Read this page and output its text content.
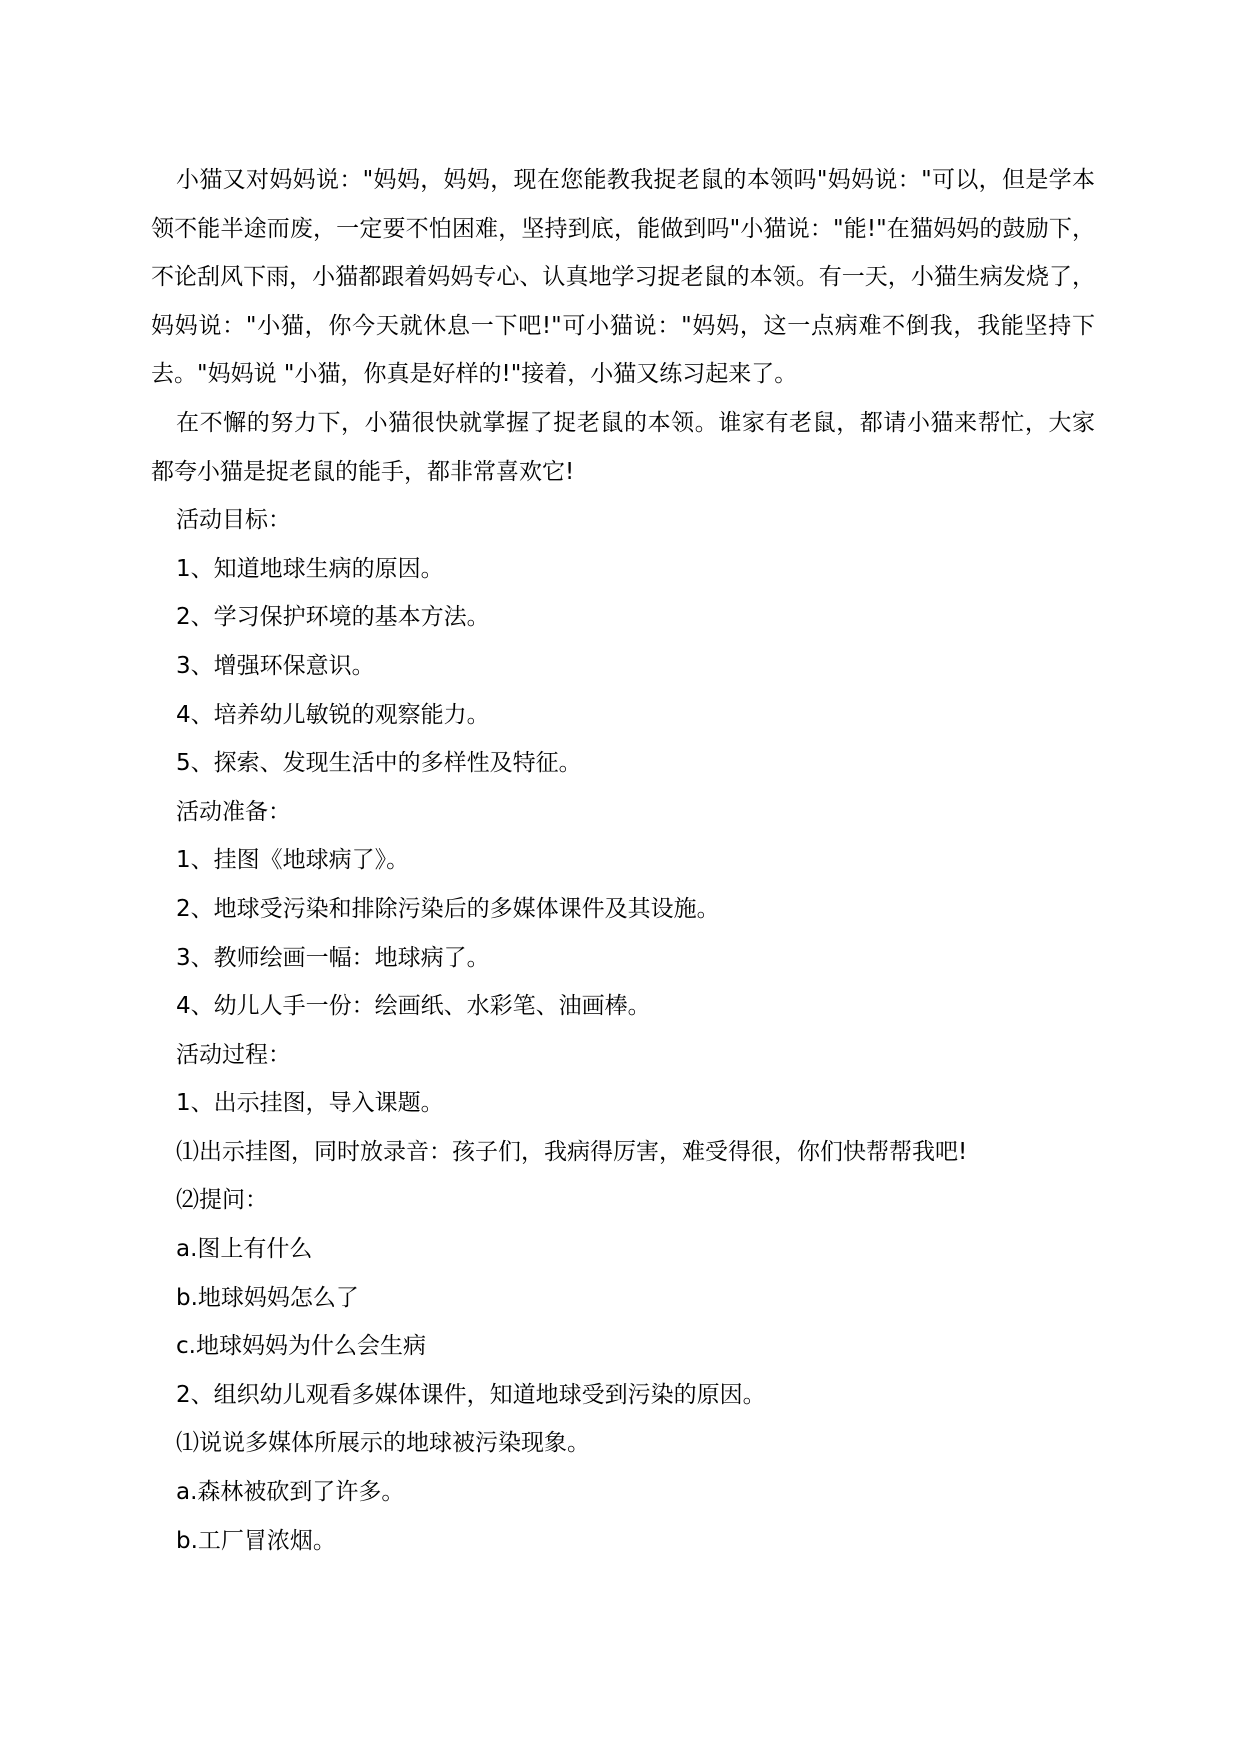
小猫又对妈妈说："妈妈，妈妈，现在您能教我捉老鼠的本领吗"妈妈说："可以，但是学本领不能半途而废，一定要不怕困难，坚持到底，能做到吗"小猫说："能!"在猫妈妈的鼓励下，不论刮风下雨，小猫都跟着妈妈专心、认真地学习捉老鼠的本领。有一天，小猫生病发烧了，妈妈说："小猫，你今天就休息一下吧!"可小猫说："妈妈，这一点病难不倒我，我能坚持下去。"妈妈说 "小猫，你真是好样的!"接着，小猫又练习起来了。

在不懈的努力下，小猫很快就掌握了捉老鼠的本领。谁家有老鼠，都请小猫来帮忙，大家都夸小猫是捉老鼠的能手，都非常喜欢它!

活动目标：

1、知道地球生病的原因。

2、学习保护环境的基本方法。

3、增强环保意识。

4、培养幼儿敏锐的观察能力。

5、探索、发现生活中的多样性及特征。

活动准备：

1、挂图《地球病了》。

2、地球受污染和排除污染后的多媒体课件及其设施。

3、教师绘画一幅：地球病了。

4、幼儿人手一份：绘画纸、水彩笔、油画棒。

活动过程：

1、出示挂图，导入课题。

⑴出示挂图，同时放录音：孩子们，我病得厉害，难受得很，你们快帮帮我吧!

⑵提问：

a.图上有什么

b.地球妈妈怎么了

c.地球妈妈为什么会生病

2、组织幼儿观看多媒体课件，知道地球受到污染的原因。

⑴说说多媒体所展示的地球被污染现象。

a.森林被砍到了许多。

b.工厂冒浓烟。
